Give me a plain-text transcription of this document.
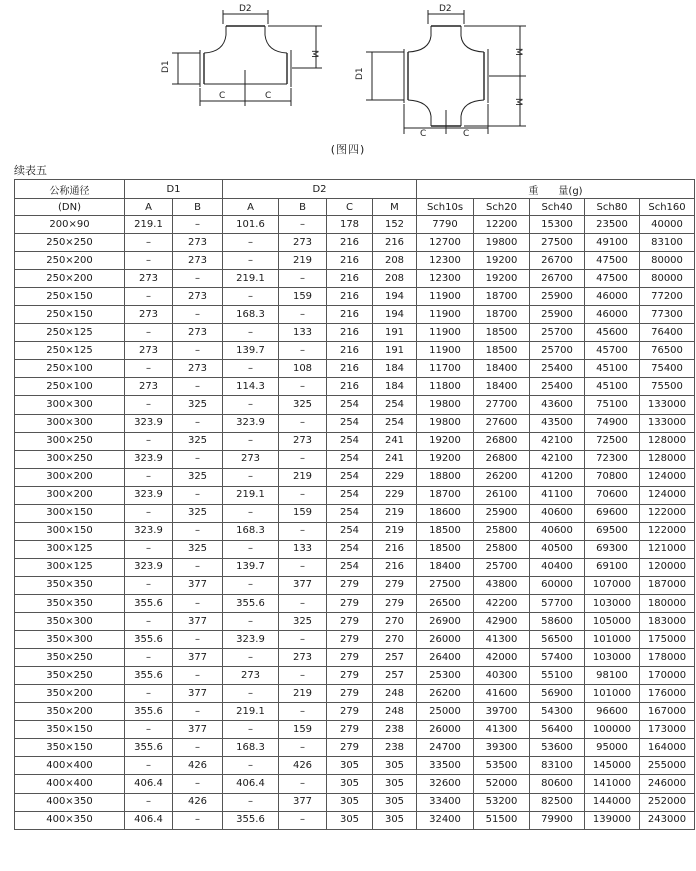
D2
D1
M
C	C
D2
D1
M
M
C	C
(图四)
续表五
公称通径	D1		D2				重　　量(g)				
(DN)	A	B	A	B	C	M	Sch10s	Sch20	Sch40	Sch80	Sch160
200×90	219.1	–	101.6	–	178	152	7790	12200	15300	23500	40000
250×250	–	273	–	273	216	216	12700	19800	27500	49100	83100
250×200	–	273	–	219	216	208	12300	19200	26700	47500	80000
250×200	273	–	219.1	–	216	208	12300	19200	26700	47500	80000
250×150	–	273	–	159	216	194	11900	18700	25900	46000	77200
250×150	273	–	168.3	–	216	194	11900	18700	25900	46000	77300
250×125	–	273	–	133	216	191	11900	18500	25700	45600	76400
250×125	273	–	139.7	–	216	191	11900	18500	25700	45700	76500
250×100	–	273	–	108	216	184	11700	18400	25400	45100	75400
250×100	273	–	114.3	–	216	184	11800	18400	25400	45100	75500
300×300	–	325	–	325	254	254	19800	27700	43600	75100	133000
300×300	323.9	–	323.9	–	254	254	19800	27600	43500	74900	133000
300×250	–	325	–	273	254	241	19200	26800	42100	72500	128000
300×250	323.9	–	273	–	254	241	19200	26800	42100	72300	128000
300×200	–	325	–	219	254	229	18800	26200	41200	70800	124000
300×200	323.9	–	219.1	–	254	229	18700	26100	41100	70600	124000
300×150	–	325	–	159	254	219	18600	25900	40600	69600	122000
300×150	323.9	–	168.3	–	254	219	18500	25800	40600	69500	122000
300×125	–	325	–	133	254	216	18500	25800	40500	69300	121000
300×125	323.9	–	139.7	–	254	216	18400	25700	40400	69100	120000
350×350	–	377	–	377	279	279	27500	43800	60000	107000	187000
350×350	355.6	–	355.6	–	279	279	26500	42200	57700	103000	180000
350×300	–	377	–	325	279	270	26900	42900	58600	105000	183000
350×300	355.6	–	323.9	–	279	270	26000	41300	56500	101000	175000
350×250	–	377	–	273	279	257	26400	42000	57400	103000	178000
350×250	355.6	–	273	–	279	257	25300	40300	55100	98100	170000
350×200	–	377	–	219	279	248	26200	41600	56900	101000	176000
350×200	355.6	–	219.1	–	279	248	25000	39700	54300	96600	167000
350×150	–	377	–	159	279	238	26000	41300	56400	100000	173000
350×150	355.6	–	168.3	–	279	238	24700	39300	53600	95000	164000
400×400	–	426	–	426	305	305	33500	53500	83100	145000	255000
400×400	406.4	–	406.4	–	305	305	32600	52000	80600	141000	246000
400×350	–	426	–	377	305	305	33400	53200	82500	144000	252000
400×350	406.4	–	355.6	–	305	305	32400	51500	79900	139000	243000
